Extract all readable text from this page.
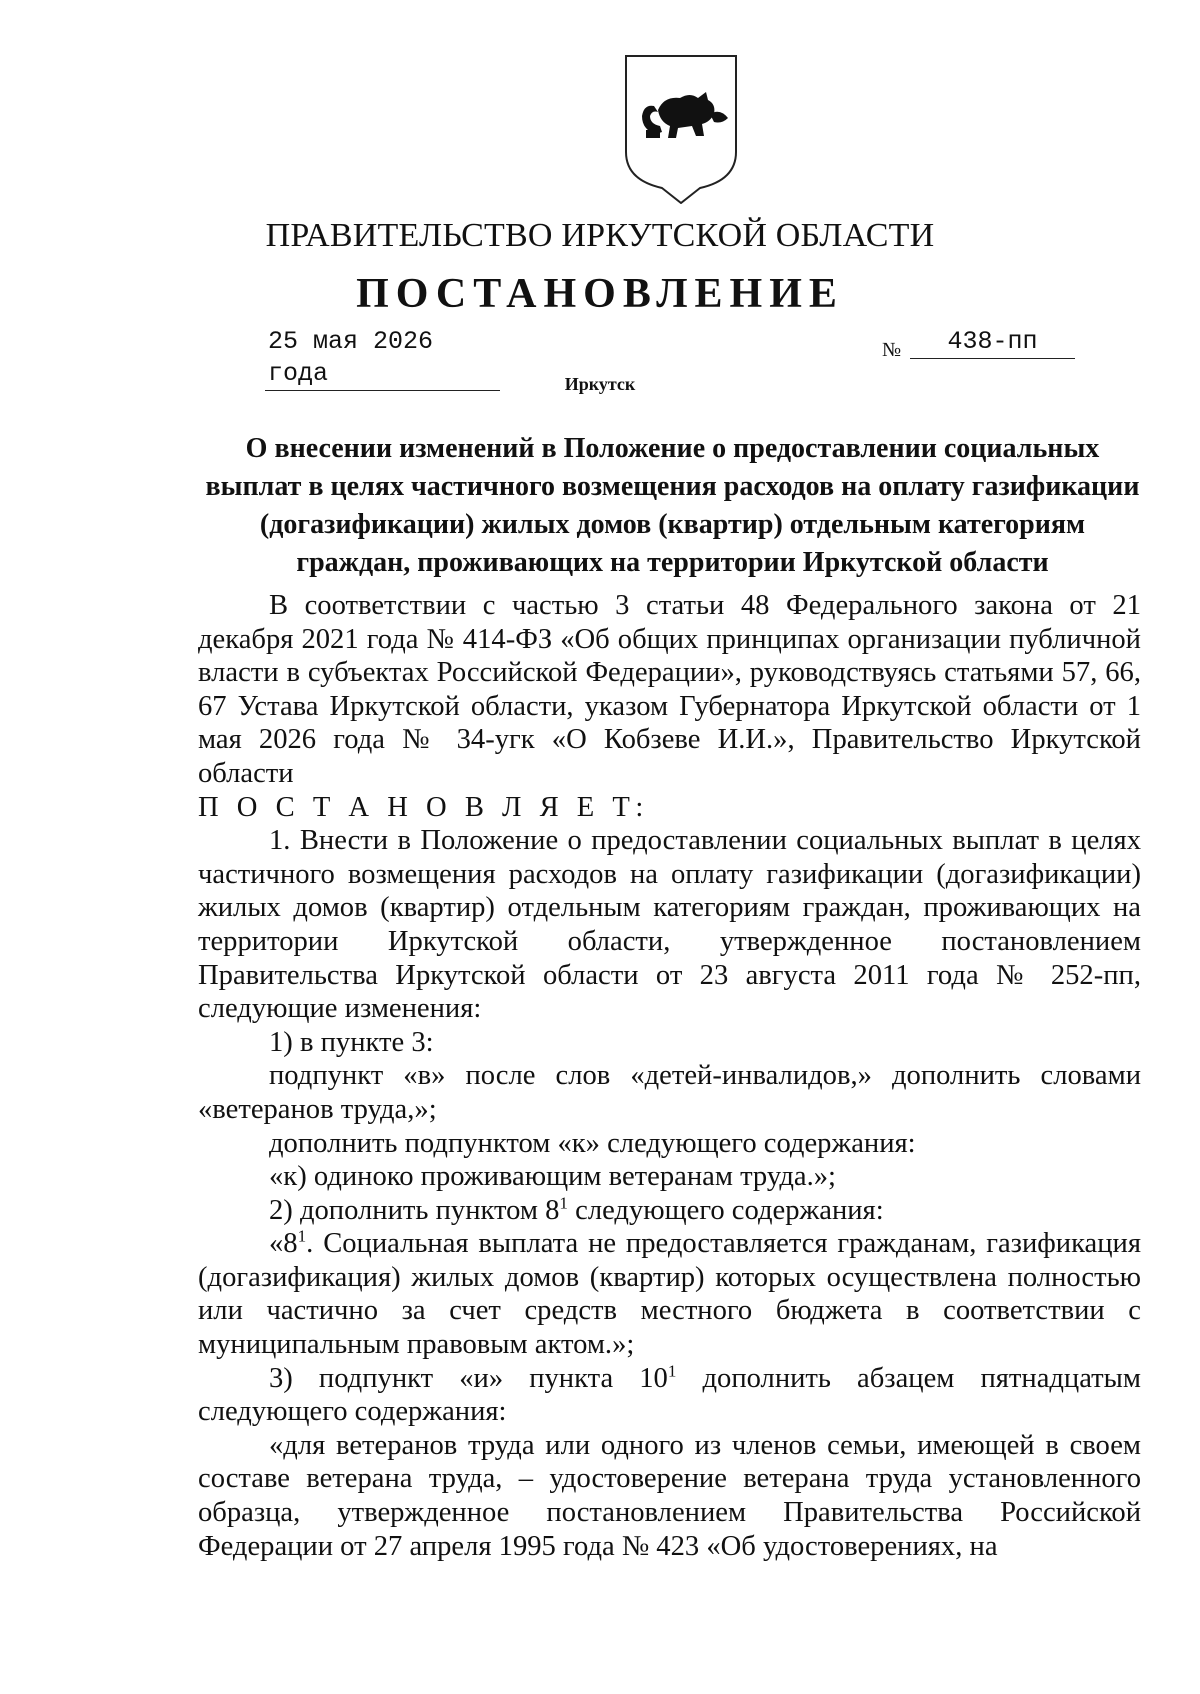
ПРАВИТЕЛЬСТВО ИРКУТСКОЙ ОБЛАСТИ
ПОСТАНОВЛЕНИЕ
25 мая 2026 года
№	438-пп
Иркутск
О внесении изменений в Положение о предоставлении социальных выплат в целях частичного возмещения расходов на оплату газификации (догазификации) жилых домов (квартир) отдельным категориям граждан, проживающих на территории Иркутской области

В соответствии с частью 3 статьи 48 Федерального закона от 21 декабря 2021 года № 414-ФЗ «Об общих принципах организации публичной власти в субъектах Российской Федерации», руководствуясь статьями 57, 66, 67 Устава Иркутской области, указом Губернатора Иркутской области от 1 мая 2026 года № 34-угк «О Кобзеве И.И.», Правительство Иркутской области

П О С Т А Н О В Л Я Е Т:

1. Внести в Положение о предоставлении социальных выплат в целях частичного возмещения расходов на оплату газификации (догазификации) жилых домов (квартир) отдельным категориям граждан, проживающих на территории Иркутской области, утвержденное постановлением Правительства Иркутской области от 23 августа 2011 года № 252-пп, следующие изменения:

1) в пункте 3:

подпункт «в» после слов «детей-инвалидов,» дополнить словами «ветеранов труда,»;

дополнить подпунктом «к» следующего содержания:

«к) одиноко проживающим ветеранам труда.»;

2) дополнить пунктом $8^1$ следующего содержания:

«$8^1$. Социальная выплата не предоставляется гражданам, газификация (догазификация) жилых домов (квартир) которых осуществлена полностью или частично за счет средств местного бюджета в соответствии с муниципальным правовым актом.»;

3) подпункт «и» пункта $10^1$ дополнить абзацем пятнадцатым следующего содержания:

«для ветеранов труда или одного из членов семьи, имеющей в своем составе ветерана труда, – удостоверение ветерана труда установленного образца, утвержденное постановлением Правительства Российской Федерации от 27 апреля 1995 года № 423 «Об удостоверениях, на
